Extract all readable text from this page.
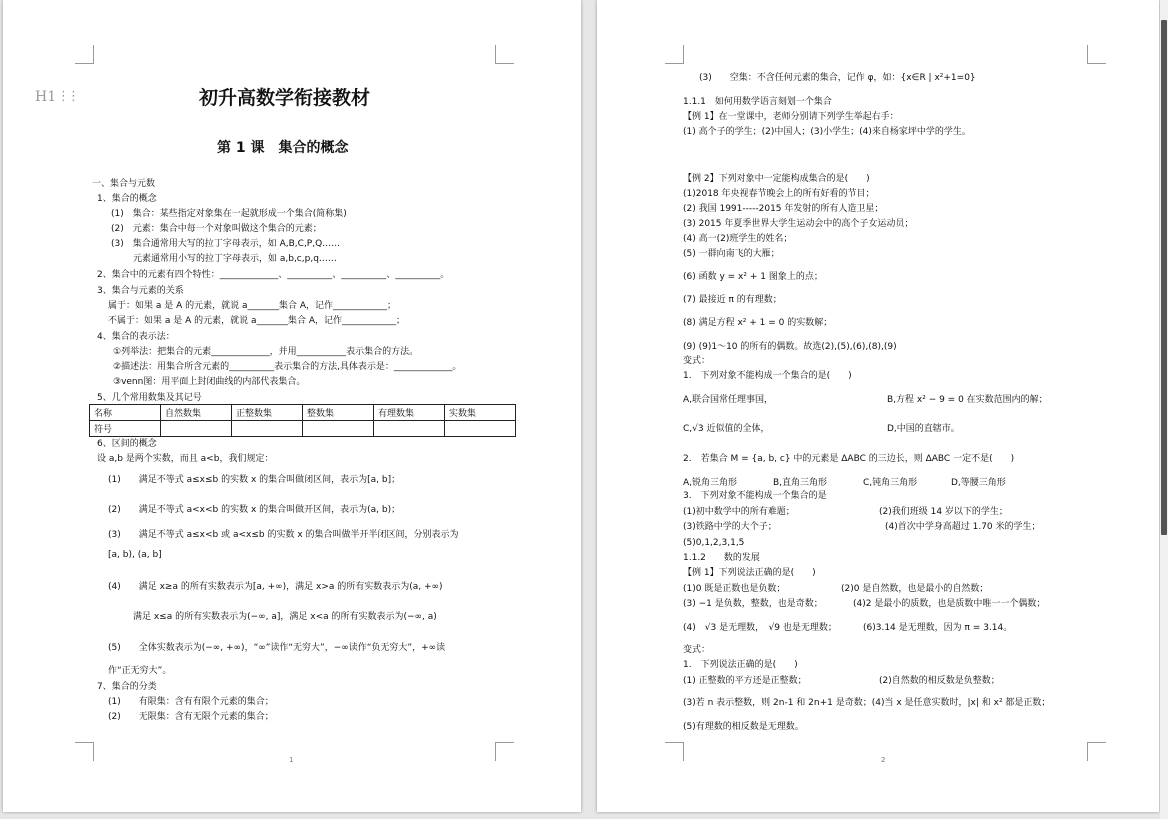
H1 ⋮⋮	初升高数学衔接教材
第 1 课　集合的概念
一、集合与元数
1、集合的概念
(1)　集合：某些指定对象集在一起就形成一个集合(简称集)
(2)　元素：集合中每一个对象叫做这个集合的元素；
(3)　集合通常用大写的拉丁字母表示，如 A,B,C,P,Q……
元素通常用小写的拉丁字母表示，如 a,b,c,p,q……
2、集合中的元素有四个特性：_____________、__________、__________、__________。
3、集合与元素的关系
属于：如果 a 是 A 的元素，就说 a_______集合 A，记作____________；
不属于：如果 a 是 A 的元素，就说 a_______集合 A，记作____________；
4、集合的表示法：
①列举法：把集合的元素_____________，并用___________表示集合的方法。
②描述法：用集合所含元素的__________表示集合的方法,具体表示是：_____________。
③venn图：用平面上封闭曲线的内部代表集合。
5、几个常用数集及其记号
名称	自然数集	正整数集	整数集	有理数集	实数集
符号					
6、区间的概念
设 a,b 是两个实数，而且 a<b，我们规定：
(1)　　满足不等式 a≤x≤b 的实数 x 的集合叫做闭区间，表示为[a, b]；
(2)　　满足不等式 a<x<b 的实数 x 的集合叫做开区间，表示为(a, b)；
(3)　　满足不等式 a≤x<b 或 a<x≤b 的实数 x 的集合叫做半开半闭区间，分别表示为
[a, b), (a, b]
(4)　　满足 x≥a 的所有实数表示为[a, +∞)，满足 x>a 的所有实数表示为(a, +∞)
满足 x≤a 的所有实数表示为(−∞, a]，满足 x<a 的所有实数表示为(−∞, a)
(5)　　全体实数表示为(−∞, +∞)，“∞”读作“无穷大”，−∞读作“负无穷大”，+∞读
作“正无穷大”。
7、集合的分类
(1)　　有限集：含有有限个元素的集合；
(2)　　无限集：含有无限个元素的集合；
1
(3)　　空集：不含任何元素的集合，记作 φ，如：{x∈R | x²+1=0}
1.1.1　如何用数学语言刻划一个集合
【例 1】在一堂课中，老师分别请下列学生举起右手：
(1) 高个子的学生；(2)中国人；(3)小学生；(4)来自杨家坪中学的学生。
【例 2】下列对象中一定能构成集合的是(　　)
(1)2018 年央视春节晚会上的所有好看的节目；
(2) 我国 1991-----2015 年发射的所有人造卫星；
(3) 2015 年夏季世界大学生运动会中的高个子女运动员；
(4) 高一(2)班学生的姓名；
(5) 一群向南飞的大雁；
(6) 函数 y = x² + 1 图象上的点；
(7) 最接近 π 的有理数；
(8) 满足方程 x² + 1 = 0 的实数解；
(9) (9)1～10 的所有的偶数。故选(2),(5),(6),(8),(9)
变式：
1.　下列对象不能构成一个集合的是(　　)
A,联合国常任理事国，	B,方程 x² − 9 = 0 在实数范围内的解；
C,√3 近似值的全体，	D,中国的直辖市。
2.　若集合 M = {a, b, c} 中的元素是 ΔABC 的三边长，则 ΔABC 一定不是(　　)
A,锐角三角形	B,直角三角形	C,钝角三角形	D,等腰三角形
3.　下列对象不能构成一个集合的是
(1)初中数学中的所有难题；	(2)我们班级 14 岁以下的学生；
(3)铁路中学的大个子；	(4)首次中学身高超过 1.70 米的学生；
(5)0,1,2,3,1,5
1.1.2　　数的发展
【例 1】下列说法正确的是(　　)
(1)0 既是正数也是负数；	(2)0 是自然数，也是最小的自然数；
(3) −1 是负数，整数，也是奇数；	(4)2 是最小的质数，也是质数中唯一一个偶数；
(4)　√3 是无理数，　√9 也是无理数；	(6)3.14 是无理数，因为 π = 3.14。
变式：
1.　下列说法正确的是(　　)
(1) 正整数的平方还是正整数；	(2)自然数的相反数是负整数；
(3)若 n 表示整数，则 2n-1 和 2n+1 是奇数；(4)当 x 是任意实数时，|x| 和 x² 都是正数；
(5)有理数的相反数是无理数。
2
